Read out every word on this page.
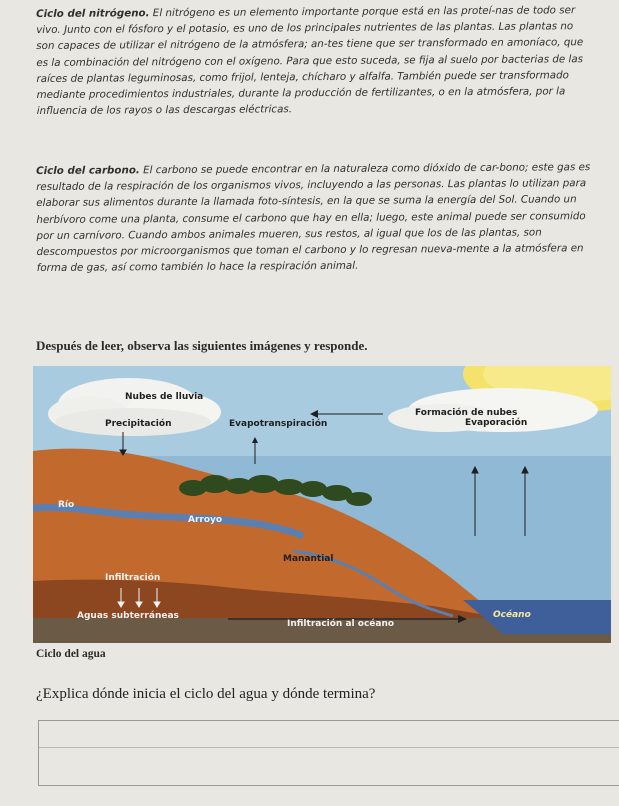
Ciclo del nitrógeno. El nitrógeno es un elemento importante porque está en las proteí-nas de todo ser vivo. Junto con el fósforo y el potasio, es uno de los principales nutrientes de las plantas. Las plantas no son capaces de utilizar el nitrógeno de la atmósfera; an-tes tiene que ser transformado en amoníaco, que es la combinación del nitrógeno con el oxígeno. Para que esto suceda, se fija al suelo por bacterias de las raíces de plantas leguminosas, como frijol, lenteja, chícharo y alfalfa. También puede ser transformado mediante procedimientos industriales, durante la producción de fertilizantes, o en la atmósfera, por la influencia de los rayos o las descargas eléctricas.

Ciclo del carbono. El carbono se puede encontrar en la naturaleza como dióxido de car-bono; este gas es resultado de la respiración de los organismos vivos, incluyendo a las personas. Las plantas lo utilizan para elaborar sus alimentos durante la llamada foto-síntesis, en la que se suma la energía del Sol. Cuando un herbívoro come una planta, consume el carbono que hay en ella; luego, este animal puede ser consumido por un carnívoro. Cuando ambos animales mueren, sus restos, al igual que los de las plantas, son descompuestos por microorganismos que toman el carbono y lo regresan nueva-mente a la atmósfera en forma de gas, así como también lo hace la respiración animal.

Después de leer, observa las siguientes imágenes y responde.
Nubes de lluvia
Formación de nubes
Precipitación	Evapotranspiración	Evaporación
Río
Arroyo
Manantial
Infiltración
Aguas subterráneas
Infiltración al océano
Océano
Ciclo del agua
¿Explica dónde inicia el ciclo del agua y dónde termina?
